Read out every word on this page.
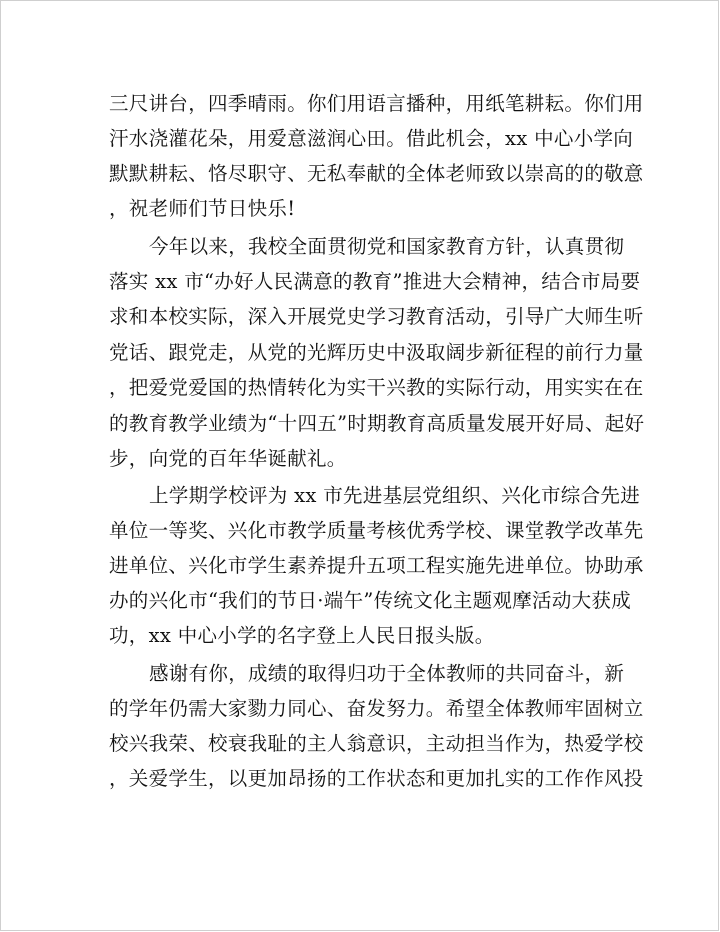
三尺讲台，四季晴雨。你们用语言播种，用纸笔耕耘。你们用
汗水浇灌花朵，用爱意滋润心田。借此机会，xx 中心小学向
默默耕耘、恪尽职守、无私奉献的全体老师致以崇高的的敬意
，祝老师们节日快乐!
今年以来，我校全面贯彻党和国家教育方针，认真贯彻
落实 xx 市“办好人民满意的教育”推进大会精神，结合市局要
求和本校实际，深入开展党史学习教育活动，引导广大师生听
党话、跟党走，从党的光辉历史中汲取阔步新征程的前行力量
，把爱党爱国的热情转化为实干兴教的实际行动，用实实在在
的教育教学业绩为“十四五”时期教育高质量发展开好局、起好
步，向党的百年华诞献礼。
上学期学校评为 xx 市先进基层党组织、兴化市综合先进
单位一等奖、兴化市教学质量考核优秀学校、课堂教学改革先
进单位、兴化市学生素养提升五项工程实施先进单位。协助承
办的兴化市“我们的节日·端午”传统文化主题观摩活动大获成
功，xx 中心小学的名字登上人民日报头版。
感谢有你，成绩的取得归功于全体教师的共同奋斗，新
的学年仍需大家勠力同心、奋发努力。希望全体教师牢固树立
校兴我荣、校衰我耻的主人翁意识，主动担当作为，热爱学校
，关爱学生，以更加昂扬的工作状态和更加扎实的工作作风投
